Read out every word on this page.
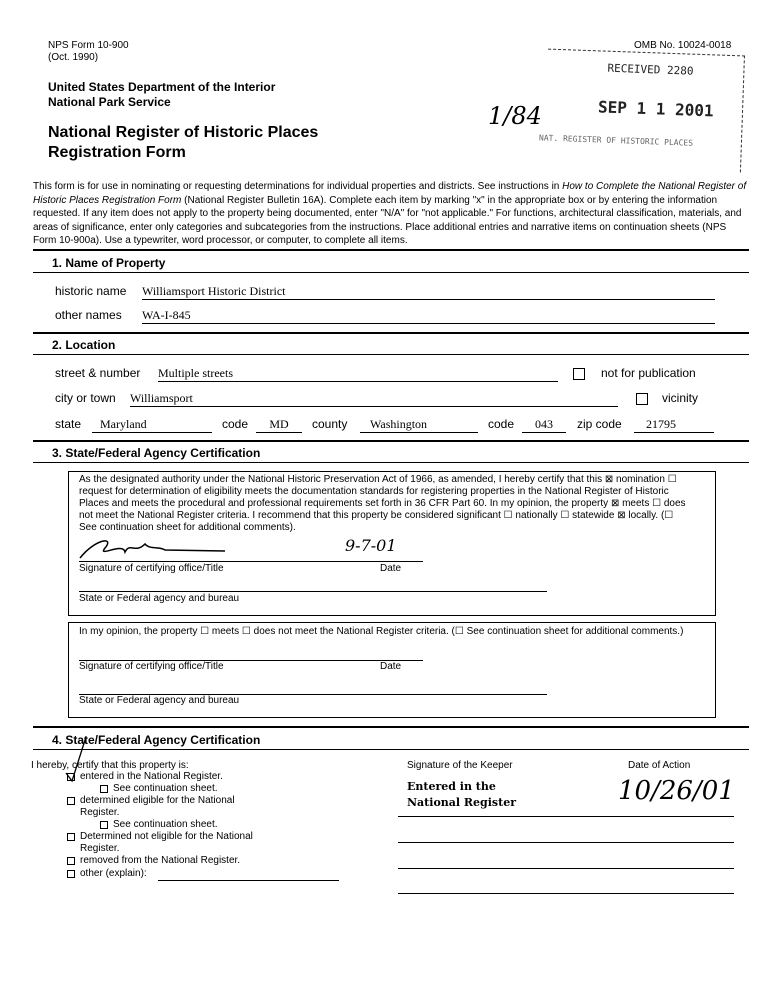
NPS Form 10-900
(Oct. 1990)
OMB No. 10024-0018
United States Department of the Interior
National Park Service
National Register of Historic Places
Registration Form
1/84
RECEIVED 2280
SEP 1 1 2001
NAT. REGISTER OF HISTORIC PLACES
This form is for use in nominating or requesting determinations for individual properties and districts. See instructions in How to Complete the National Register of Historic Places Registration Form (National Register Bulletin 16A). Complete each item by marking "x" in the appropriate box or by entering the information requested. If any item does not apply to the property being documented, enter "N/A" for "not applicable." For functions, architectural classification, materials, and areas of significance, enter only categories and subcategories from the instructions. Place additional entries and narrative items on continuation sheets (NPS Form 10-900a). Use a typewriter, word processor, or computer, to complete all items.
1. Name of Property
historic name Williamsport Historic District
other names WA-I-845
2. Location
street & number Multiple streets	not for publication
city or town Williamsport	vicinity
state	Maryland	code	MD	county	Washington	code	043	zip code	21795
3. State/Federal Agency Certification
As the designated authority under the National Historic Preservation Act of 1966, as amended, I hereby certify that this ⊠ nomination ☐
request for determination of eligibility meets the documentation standards for registering properties in the National Register of Historic
Places and meets the procedural and professional requirements set forth in 36 CFR Part 60. In my opinion, the property ⊠ meets ☐ does
not meet the National Register criteria. I recommend that this property be considered significant ☐ nationally ☐ statewide ⊠ locally. (☐
See continuation sheet for additional comments).
9-7-01
Signature of certifying office/Title	Date
State or Federal agency and bureau
In my opinion, the property ☐ meets ☐ does not meet the National Register criteria. (☐ See continuation sheet for additional comments.)
Signature of certifying office/Title	Date
State or Federal agency and bureau
4. State/Federal Agency Certification
I hereby, certify that this property is:
entered in the National Register.
See continuation sheet.
determined eligible for the National
Register.
See continuation sheet.
Determined not eligible for the National
Register.
removed from the National Register.
other (explain):
Signature of the Keeper	Date of Action
Entered in the
National Register	10/26/01
